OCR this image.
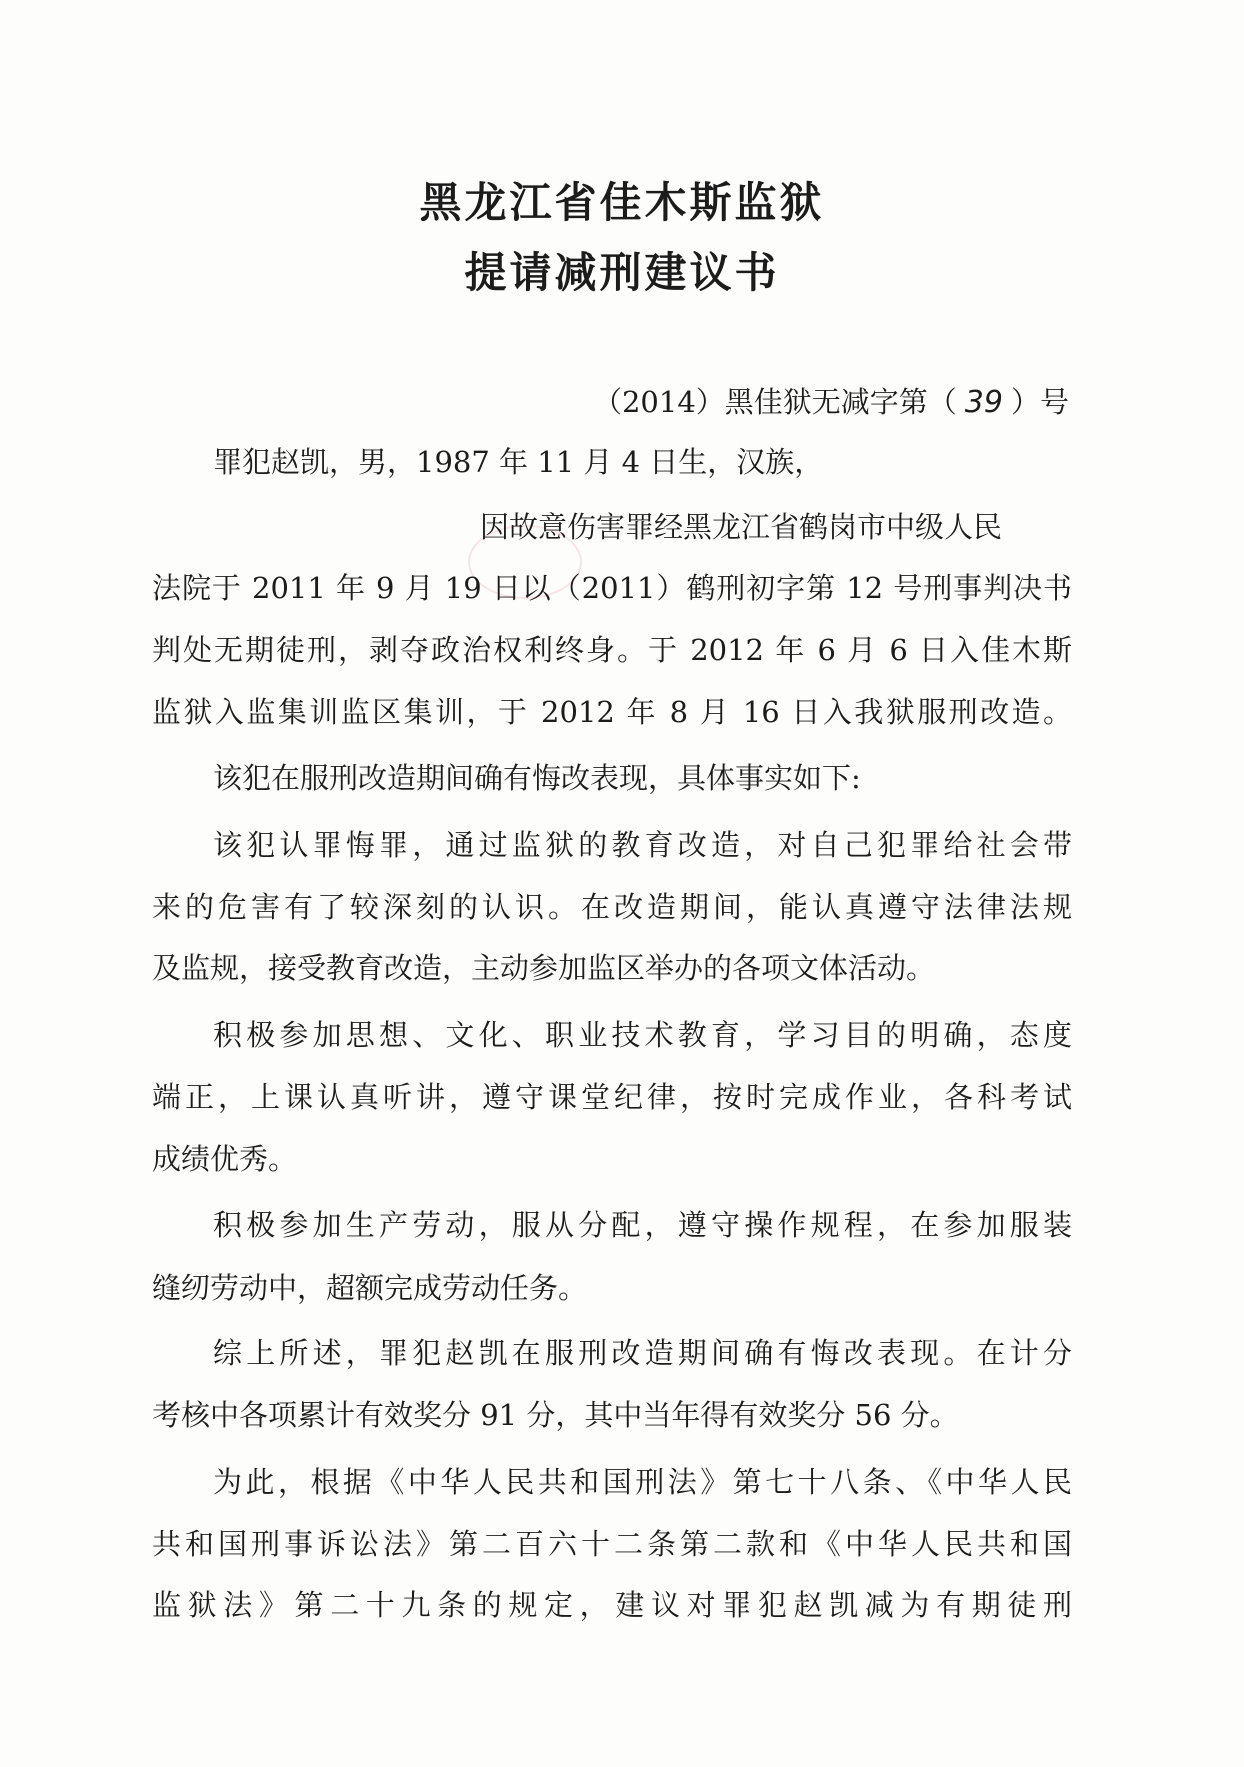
黑龙江省佳木斯监狱
提请减刑建议书

（2014）黑佳狱无减字第（ 39 ）号

罪犯赵凯，男，1987 年 11 月 4 日生，汉族，

因故意伤害罪经黑龙江省鹤岗市中级人民

法院于 2011 年 9 月 19 日以（2011）鹤刑初字第 12 号刑事判决书

判处无期徒刑，剥夺政治权利终身。于 2012 年 6 月 6 日入佳木斯

监狱入监集训监区集训，于 2012 年 8 月 16 日入我狱服刑改造。

该犯在服刑改造期间确有悔改表现，具体事实如下:

该犯认罪悔罪，通过监狱的教育改造，对自己犯罪给社会带

来的危害有了较深刻的认识。在改造期间，能认真遵守法律法规

及监规，接受教育改造，主动参加监区举办的各项文体活动。

积极参加思想、文化、职业技术教育，学习目的明确，态度

端正，上课认真听讲，遵守课堂纪律，按时完成作业，各科考试

成绩优秀。

积极参加生产劳动，服从分配，遵守操作规程，在参加服装

缝纫劳动中，超额完成劳动任务。

综上所述，罪犯赵凯在服刑改造期间确有悔改表现。在计分

考核中各项累计有效奖分 91 分，其中当年得有效奖分 56 分。

为此，根据《中华人民共和国刑法》第七十八条、《中华人民

共和国刑事诉讼法》第二百六十二条第二款和《中华人民共和国

监狱法》第二十九条的规定，建议对罪犯赵凯减为有期徒刑
